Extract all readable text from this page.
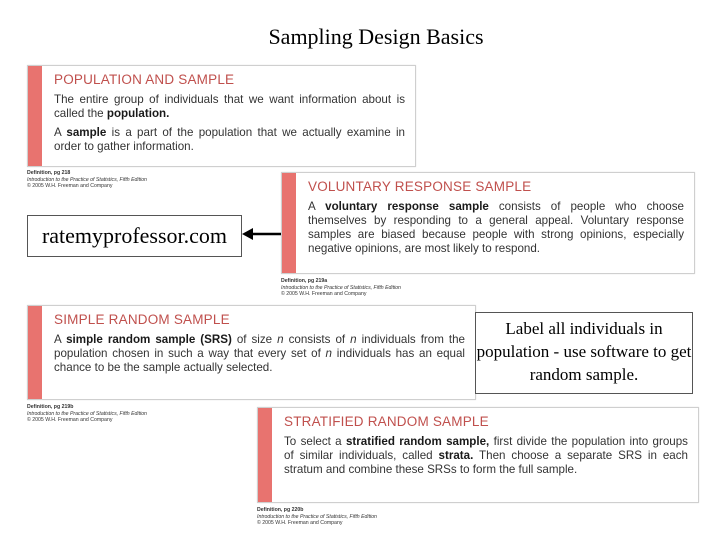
Sampling Design Basics
POPULATION AND SAMPLE

The entire group of individuals that we want information about is called the population.

A sample is a part of the population that we actually examine in order to gather information.

Definition, pg 218
Introduction to the Practice of Statistics, Fifth Edition
© 2005 W.H. Freeman and Company	VOLUNTARY RESPONSE SAMPLE

A voluntary response sample consists of people who choose themselves by responding to a general appeal. Voluntary response samples are biased because people with strong opinions, especially negative opinions, are most likely to respond.

Definition, pg 219a
Introduction to the Practice of Statistics, Fifth Edition
© 2005 W.H. Freeman and Company
ratemyprofessor.com
SIMPLE RANDOM SAMPLE

A simple random sample (SRS) of size n consists of n individuals from the population chosen in such a way that every set of n individuals has an equal chance to be the sample actually selected.

Definition, pg 219b
Introduction to the Practice of Statistics, Fifth Edition
© 2005 W.H. Freeman and Company
Label all individuals in population - use software to get random sample.
STRATIFIED RANDOM SAMPLE

To select a stratified random sample, first divide the population into groups of similar individuals, called strata. Then choose a separate SRS in each stratum and combine these SRSs to form the full sample.

Definition, pg 220b
Introduction to the Practice of Statistics, Fifth Edition
© 2005 W.H. Freeman and Company
